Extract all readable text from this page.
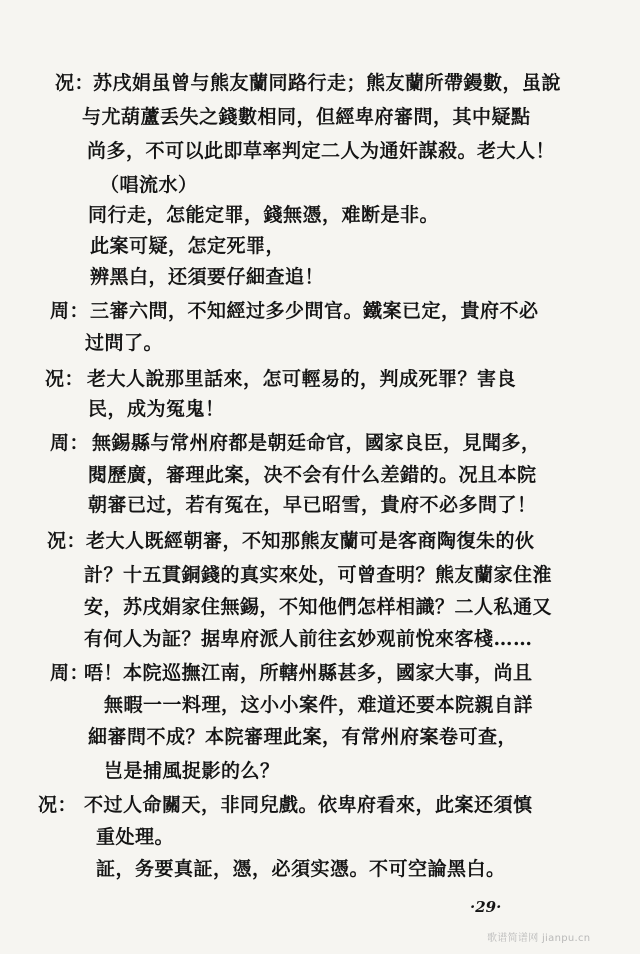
况：
苏戌娟虽曾与熊友蘭同路行走；熊友蘭所帶鏝數，虽說
与尤葫蘆丢失之錢數相同，但經卑府審問，其中疑點
尚多，不可以此即草率判定二人为通奸謀殺。老大人！
（唱流水）
同行走，怎能定罪，錢無憑，难断是非。
此案可疑，怎定死罪，
辨黑白，还須要仔細查追！
周： 三審六問，不知經过多少問官。鐵案已定，貴府不必
过問了。
况： 老大人說那里話來，怎可輕易的，判成死罪？害良
民，成为冤鬼！
周： 無錫縣与常州府都是朝廷命官，國家良臣，見聞多，
閱歷廣，審理此案，决不会有什么差錯的。况且本院
朝審已过，若有冤在，早已昭雪，貴府不必多問了！
况： 老大人既經朝審，不知那熊友蘭可是客商陶復朱的伙
計？十五貫銅錢的真实來处，可曾查明？熊友蘭家住淮
安，苏戌娟家住無錫，不知他們怎样相識？二人私通又
有何人为証？据卑府派人前往玄妙观前悅來客棧……
周：
唔！本院巡撫江南，所轄州縣甚多，國家大事，尚且
無暇一一料理，这小小案件，难道还要本院親自詳
細審問不成？本院審理此案，有常州府案卷可查，
岂是捕風捉影的么？
况： 不过人命關天，非同兒戲。依卑府看來，此案还須慎
重处理。
証，务要真証，憑，必須实憑。不可空論黑白。
·29·
歌谱简谱网 jianpu.cn
